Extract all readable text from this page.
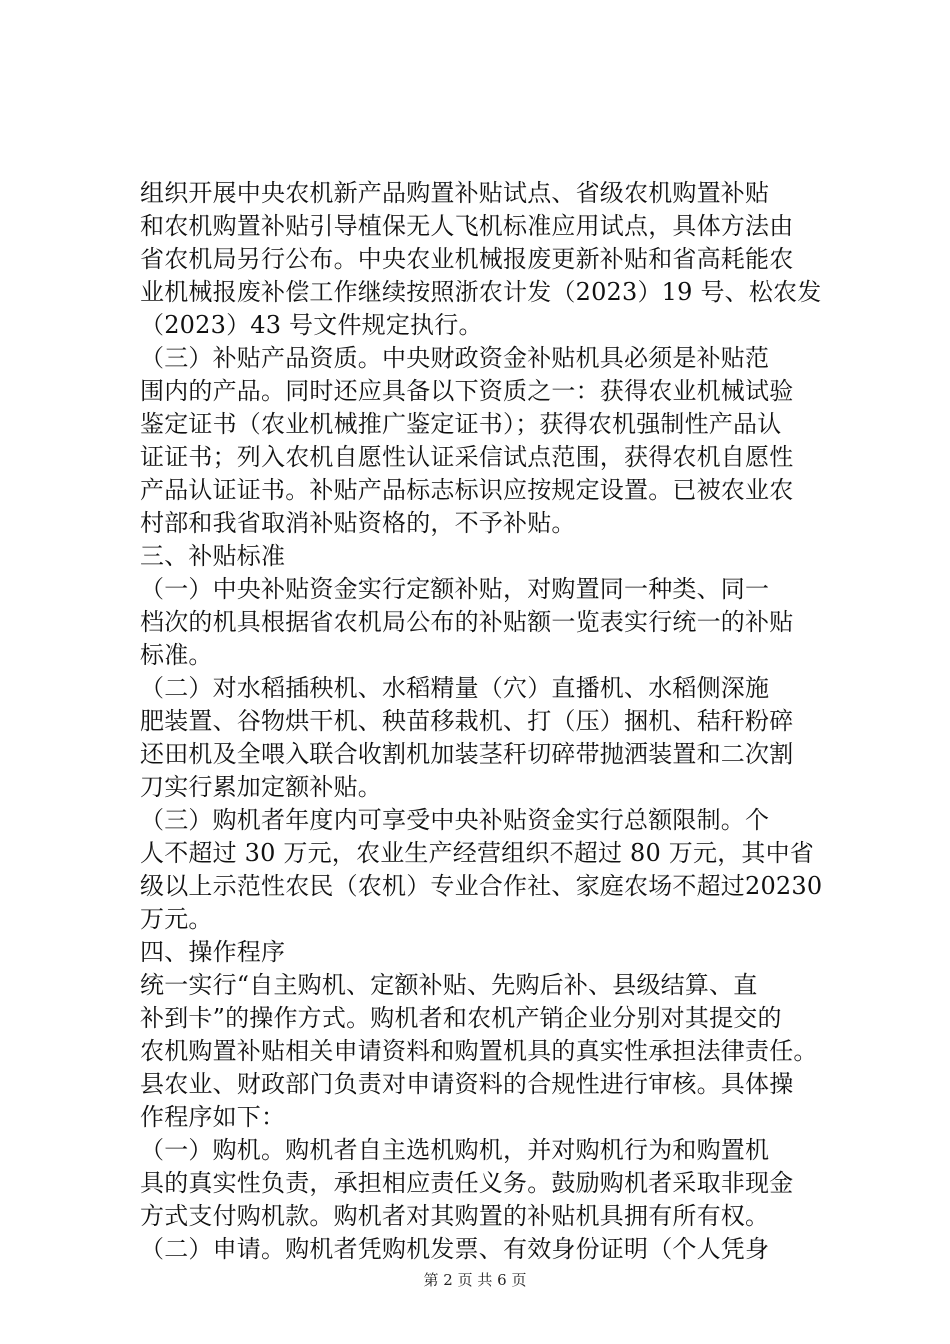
组织开展中央农机新产品购置补贴试点、省级农机购置补贴
和农机购置补贴引导植保无人飞机标准应用试点，具体方法由
省农机局另行公布。中央农业机械报废更新补贴和省高耗能农
业机械报废补偿工作继续按照浙农计发（2023）19 号、松农发
（2023）43 号文件规定执行。
（三）补贴产品资质。中央财政资金补贴机具必须是补贴范
围内的产品。同时还应具备以下资质之一：获得农业机械试验
鉴定证书（农业机械推广鉴定证书）；获得农机强制性产品认
证证书；列入农机自愿性认证采信试点范围，获得农机自愿性
产品认证证书。补贴产品标志标识应按规定设置。已被农业农
村部和我省取消补贴资格的，不予补贴。
三、补贴标准
（一）中央补贴资金实行定额补贴，对购置同一种类、同一
档次的机具根据省农机局公布的补贴额一览表实行统一的补贴
标准。
（二）对水稻插秧机、水稻精量（穴）直播机、水稻侧深施
肥装置、谷物烘干机、秧苗移栽机、打（压）捆机、秸秆粉碎
还田机及全喂入联合收割机加装茎秆切碎带抛洒装置和二次割
刀实行累加定额补贴。
（三）购机者年度内可享受中央补贴资金实行总额限制。个
人不超过 30 万元，农业生产经营组织不超过 80 万元，其中省
级以上示范性农民（农机）专业合作社、家庭农场不超过20230
万元。
四、操作程序
统一实行“自主购机、定额补贴、先购后补、县级结算、直
补到卡”的操作方式。购机者和农机产销企业分别对其提交的
农机购置补贴相关申请资料和购置机具的真实性承担法律责任。
县农业、财政部门负责对申请资料的合规性进行审核。具体操
作程序如下：
（一）购机。购机者自主选机购机，并对购机行为和购置机
具的真实性负责，承担相应责任义务。鼓励购机者采取非现金
方式支付购机款。购机者对其购置的补贴机具拥有所有权。
（二）申请。购机者凭购机发票、有效身份证明（个人凭身
第 2 页 共 6 页
